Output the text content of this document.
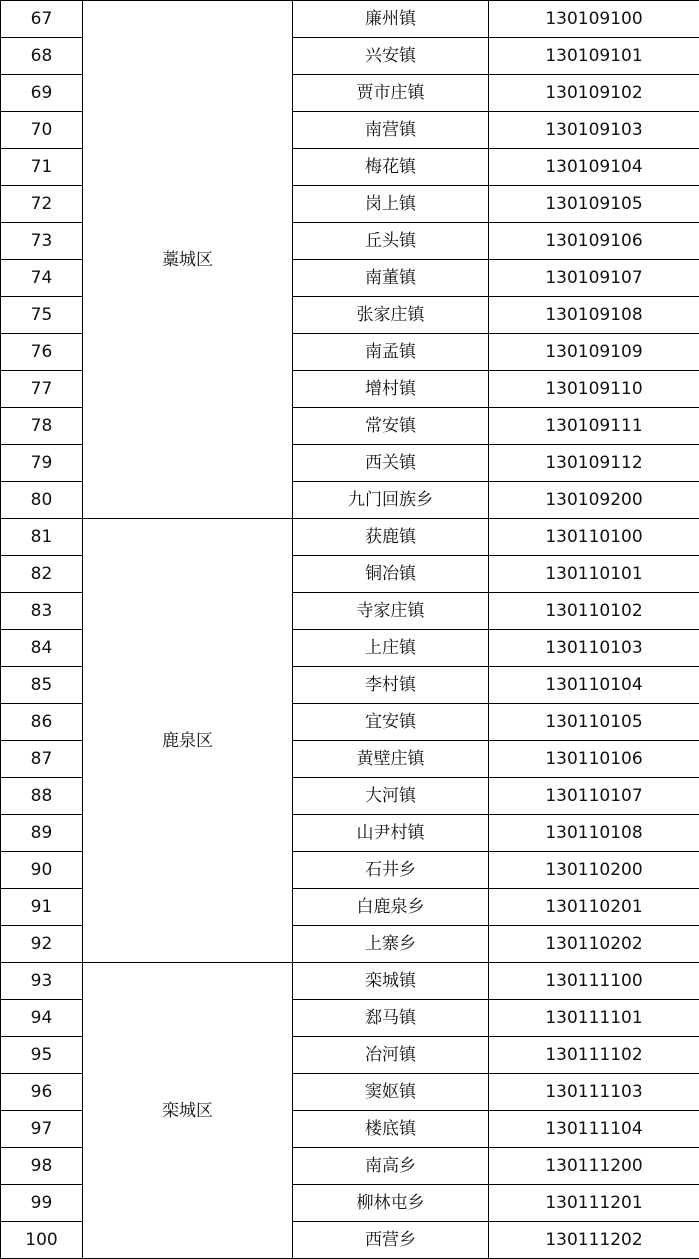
67	藁城区	廉州镇	130109100
68		兴安镇	130109101
69		贾市庄镇	130109102
70		南营镇	130109103
71		梅花镇	130109104
72		岗上镇	130109105
73		丘头镇	130109106
74		南董镇	130109107
75		张家庄镇	130109108
76		南孟镇	130109109
77		增村镇	130109110
78		常安镇	130109111
79		西关镇	130109112
80		九门回族乡	130109200
81	鹿泉区	获鹿镇	130110100
82		铜冶镇	130110101
83		寺家庄镇	130110102
84		上庄镇	130110103
85		李村镇	130110104
86		宜安镇	130110105
87		黄壁庄镇	130110106
88		大河镇	130110107
89		山尹村镇	130110108
90		石井乡	130110200
91		白鹿泉乡	130110201
92		上寨乡	130110202
93	栾城区	栾城镇	130111100
94		郄马镇	130111101
95		冶河镇	130111102
96		窦妪镇	130111103
97		楼底镇	130111104
98		南高乡	130111200
99		柳林屯乡	130111201
100		西营乡	130111202
